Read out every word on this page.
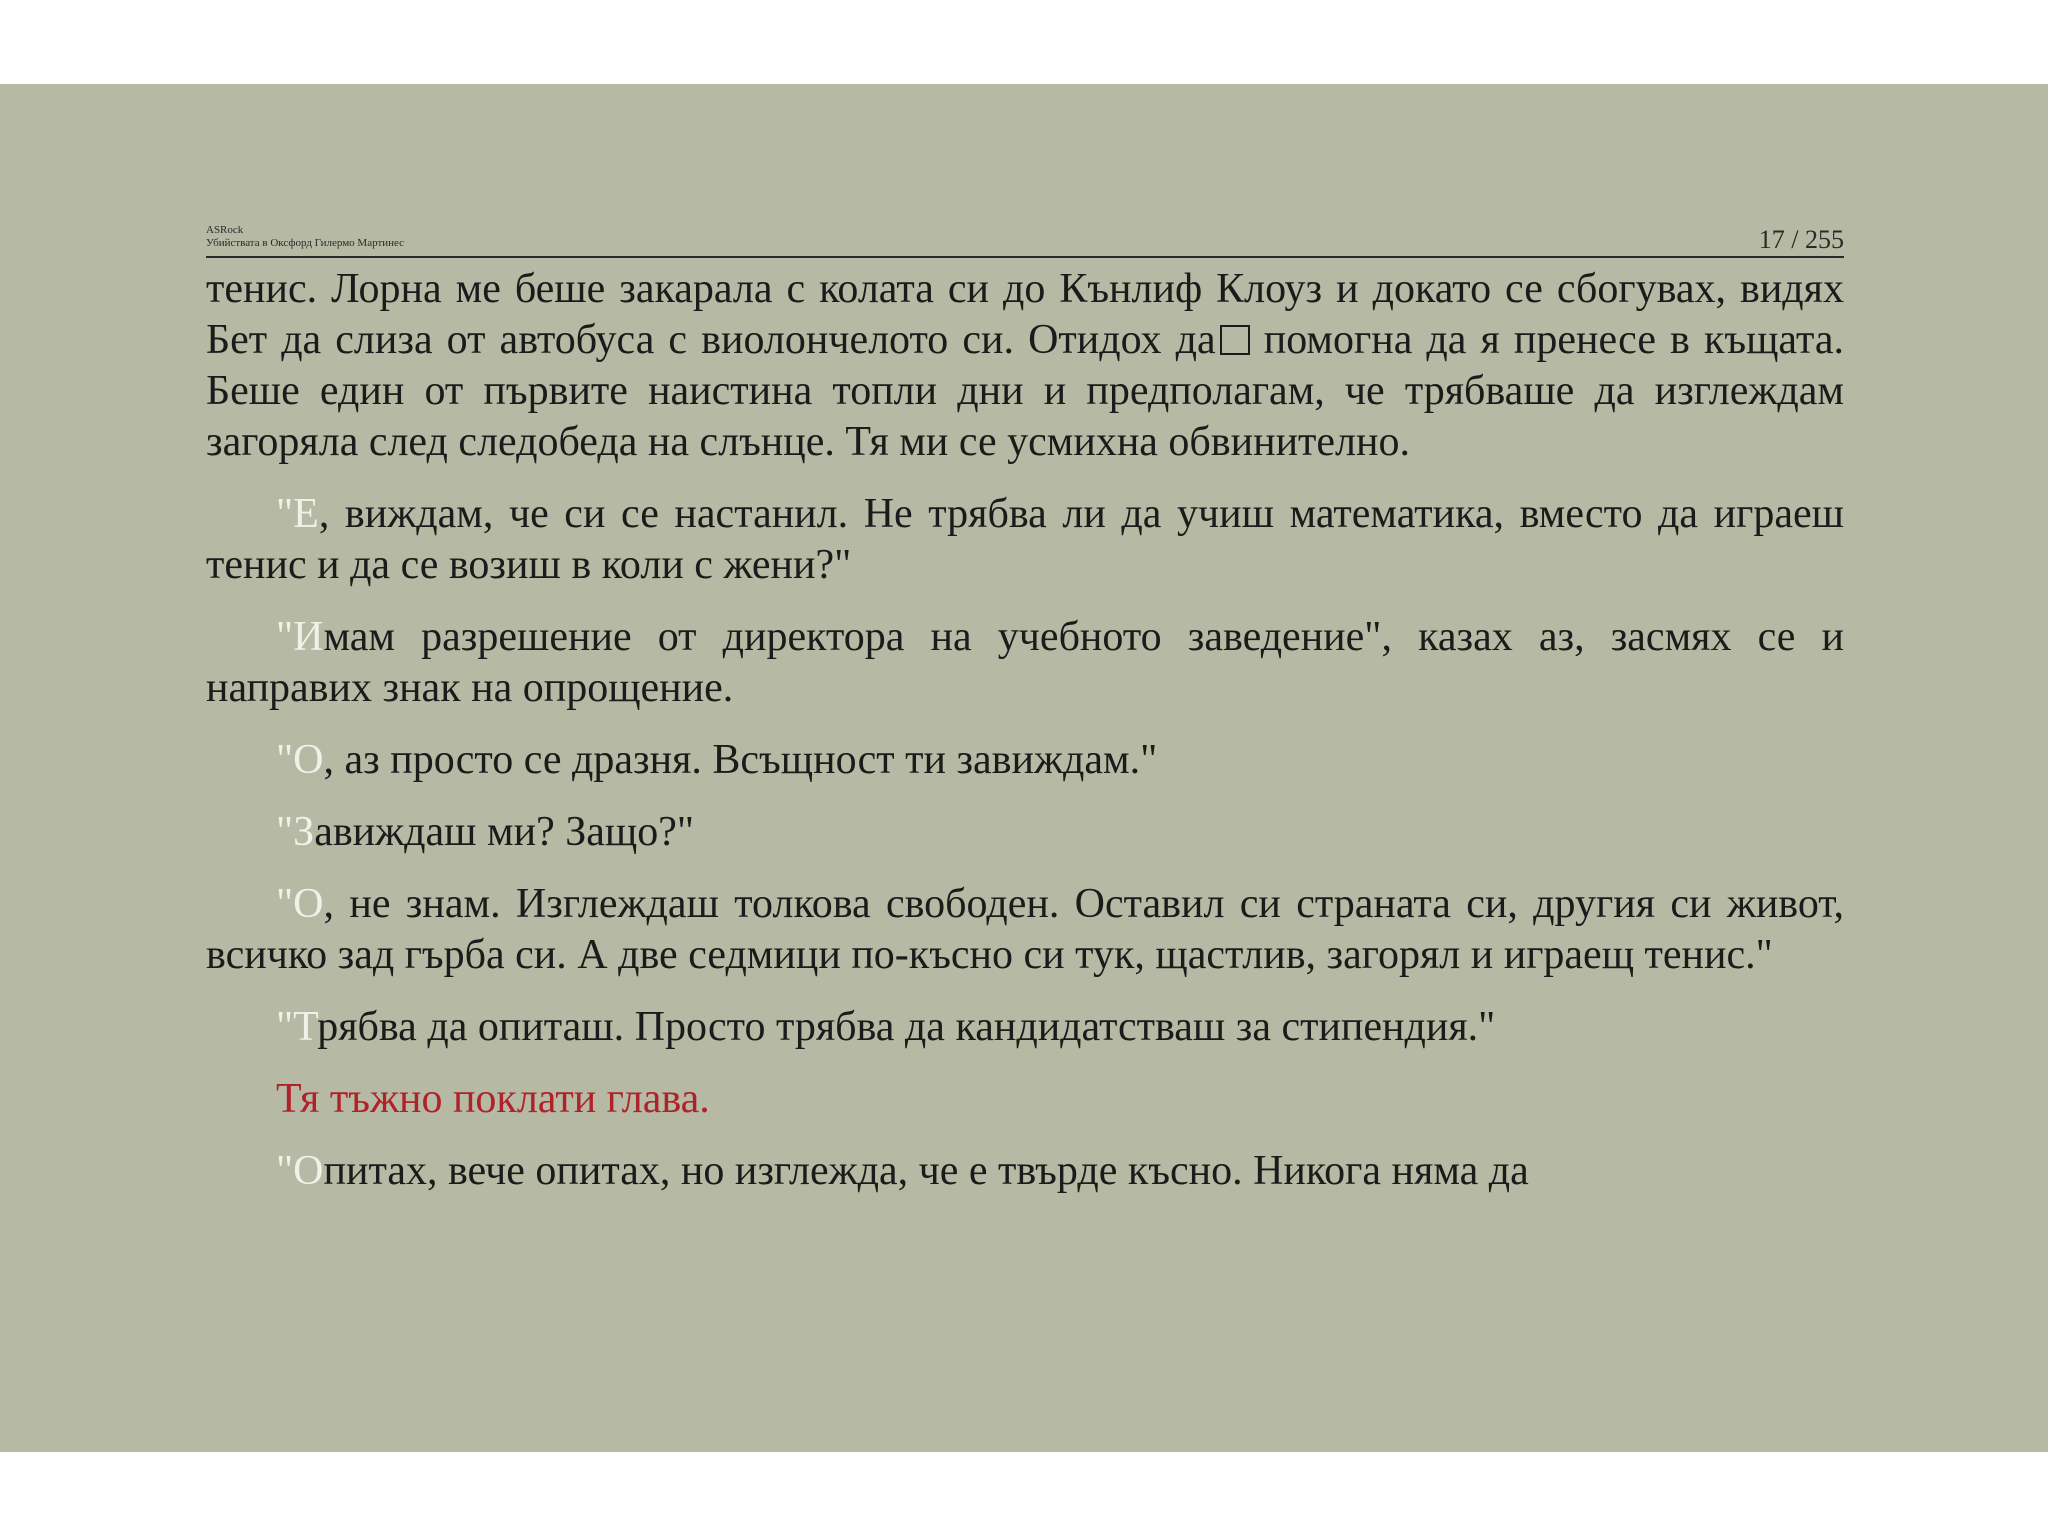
ASRock
Убийствата в Оксфорд Гилермо Мартинес	17 / 255

тенис. Лорна ме беше закарала с колата си до Кънлиф Клоуз и докато се сбогувах, видях Бет да слиза от автобуса с виолончелото си. Отидох да помогна да я пренесе в къщата. Беше един от първите наистина топли дни и предполагам, че трябваше да изглеждам загоряла след следобеда на слънце. Тя ми се усмихна обвинително.

"Е, виждам, че си се настанил. Не трябва ли да учиш математика, вместо да играеш тенис и да се возиш в коли с жени?"

"Имам разрешение от директора на учебното заведение", казах аз, засмях се и направих знак на опрощение.

"О, аз просто се дразня. Всъщност ти завиждам."

"Завиждаш ми? Защо?"

"О, не знам. Изглеждаш толкова свободен. Оставил си страната си, другия си живот, всичко зад гърба си. А две седмици по-късно си тук, щастлив, загорял и играещ тенис."

"Трябва да опиташ. Просто трябва да кандидатстваш за стипендия."

Тя тъжно поклати глава.

"Опитах, вече опитах, но изглежда, че е твърде късно. Никога няма да
